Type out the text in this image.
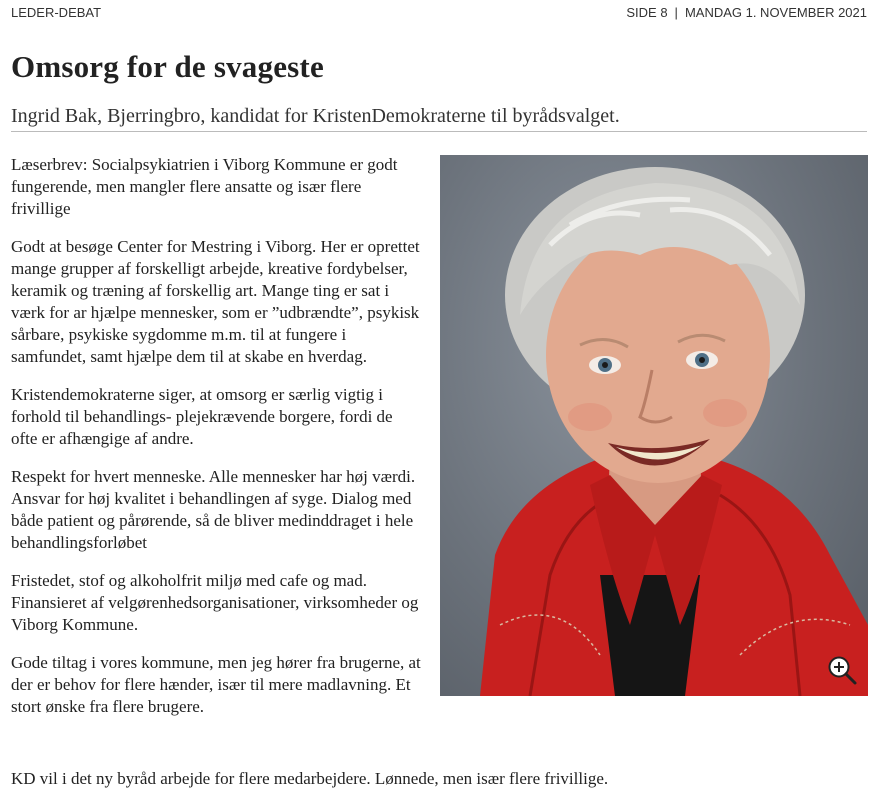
LEDER-DEBAT	SIDE 8 | MANDAG 1. NOVEMBER 2021
Omsorg for de svageste
Ingrid Bak, Bjerringbro, kandidat for KristenDemokraterne til byrådsvalget.

Læserbrev: Socialpsykiatrien i Viborg Kommune er godt fungerende, men mangler flere ansatte og især flere frivillige

Godt at besøge Center for Mestring i Viborg. Her er oprettet mange grupper af forskelligt arbejde, kreative fordybelser, keramik og træning af forskellig art. Mange ting er sat i værk for ar hjælpe mennesker, som er ”udbrændte”, psykisk sårbare, psykiske sygdomme m.m. til at fungere i samfundet, samt hjælpe dem til at skabe en hverdag.

Kristendemokraterne siger, at omsorg er særlig vigtig i forhold til behandlings- plejekrævende borgere, fordi de ofte er afhængige af andre.

Respekt for hvert menneske. Alle mennesker har høj værdi. Ansvar for høj kvalitet i behandlingen af syge. Dialog med både patient og pårørende, så de bliver medinddraget i hele behandlingsforløbet

Fristedet, stof og alkoholfrit miljø med cafe og mad. Finansieret af velgørenhedsorganisationer, virksomheder og Viborg Kommune.

Gode tiltag i vores kommune, men jeg hører fra brugerne, at der er behov for flere hænder, især til mere madlavning. Et stort ønske fra flere brugere.

KD vil i det ny byråd arbejde for flere medarbejdere. Lønnede, men især flere frivillige.
